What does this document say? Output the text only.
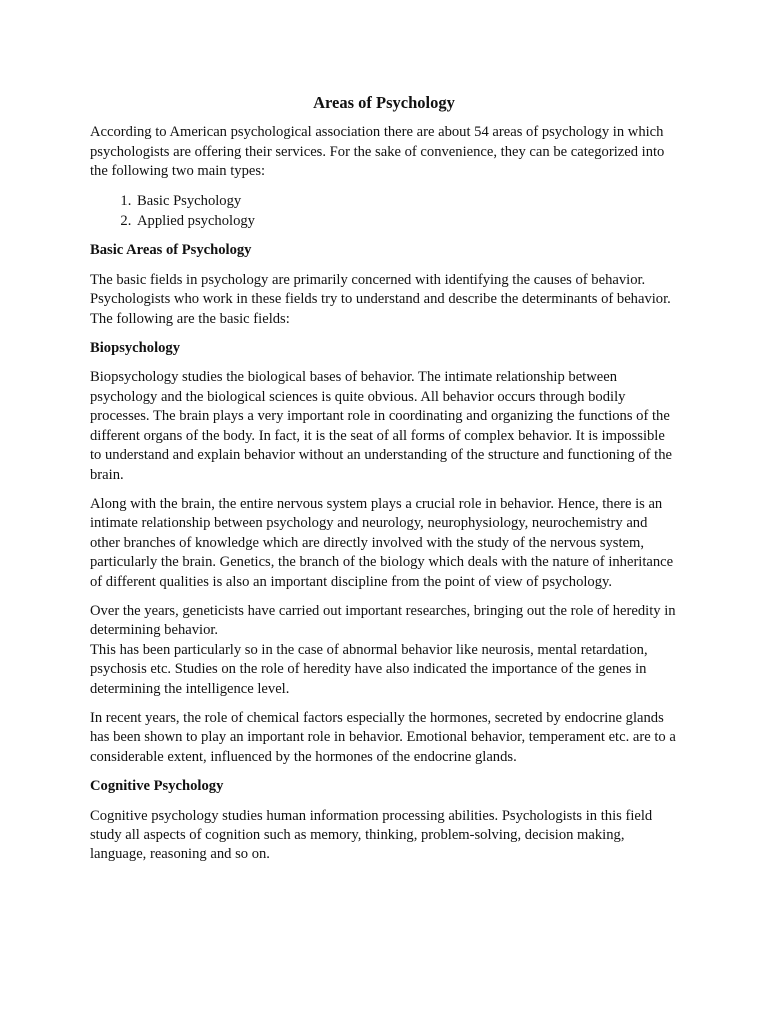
Areas of Psychology

According to American psychological association there are about 54 areas of psychology in which psychologists are offering their services. For the sake of convenience, they can be categorized into the following two main types:

1. Basic Psychology
2. Applied psychology
Basic Areas of Psychology

The basic fields in psychology are primarily concerned with identifying the causes of behavior. Psychologists who work in these fields try to understand and describe the determinants of behavior. The following are the basic fields:

Biopsychology

Biopsychology studies the biological bases of behavior. The intimate relationship between psychology and the biological sciences is quite obvious. All behavior occurs through bodily processes. The brain plays a very important role in coordinating and organizing the functions of the different organs of the body. In fact, it is the seat of all forms of complex behavior. It is impossible to understand and explain behavior without an understanding of the structure and functioning of the brain.

Along with the brain, the entire nervous system plays a crucial role in behavior. Hence, there is an intimate relationship between psychology and neurology, neurophysiology, neurochemistry and other branches of knowledge which are directly involved with the study of the nervous system, particularly the brain. Genetics, the branch of the biology which deals with the nature of inheritance of different qualities is also an important discipline from the point of view of psychology.

Over the years, geneticists have carried out important researches, bringing out the role of heredity in determining behavior.
This has been particularly so in the case of abnormal behavior like neurosis, mental retardation, psychosis etc. Studies on the role of heredity have also indicated the importance of the genes in determining the intelligence level.

In recent years, the role of chemical factors especially the hormones, secreted by endocrine glands has been shown to play an important role in behavior. Emotional behavior, temperament etc. are to a considerable extent, influenced by the hormones of the endocrine glands.

Cognitive Psychology

Cognitive psychology studies human information processing abilities. Psychologists in this field study all aspects of cognition such as memory, thinking, problem-solving, decision making, language, reasoning and so on.
